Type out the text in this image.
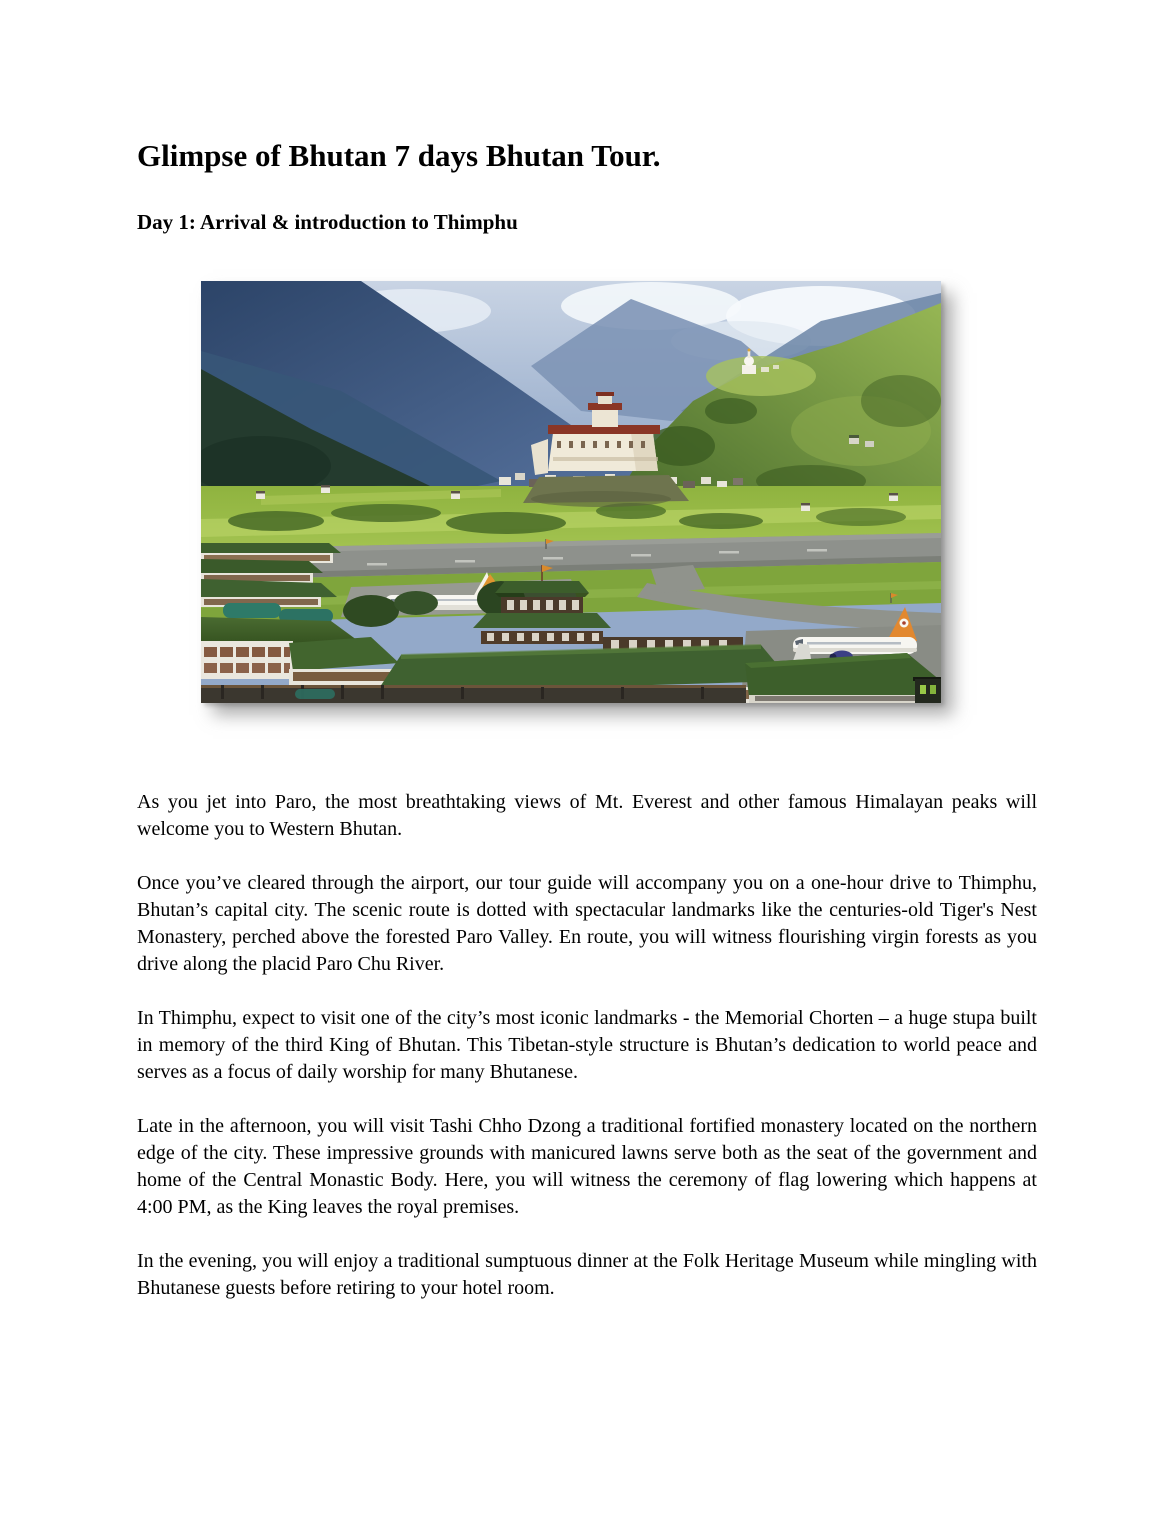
Glimpse of Bhutan 7 days Bhutan Tour.
Day 1: Arrival & introduction to Thimphu

As you jet into Paro, the most breathtaking views of Mt. Everest and other famous Himalayan peaks will welcome you to Western Bhutan.

Once you’ve cleared through the airport, our tour guide will accompany you on a one-hour drive to Thimphu, Bhutan’s capital city. The scenic route is dotted with spectacular landmarks like the centuries-old Tiger's Nest Monastery, perched above the forested Paro Valley. En route, you will witness flourishing virgin forests as you drive along the placid Paro Chu River.

In Thimphu, expect to visit one of the city’s most iconic landmarks - the Memorial Chorten – a huge stupa built in memory of the third King of Bhutan. This Tibetan-style structure is Bhutan’s dedication to world peace and serves as a focus of daily worship for many Bhutanese.

Late in the afternoon, you will visit Tashi Chho Dzong a traditional fortified monastery located on the northern edge of the city. These impressive grounds with manicured lawns serve both as the seat of the government and home of the Central Monastic Body. Here, you will witness the ceremony of flag lowering which happens at 4:00 PM, as the King leaves the royal premises.

In the evening, you will enjoy a traditional sumptuous dinner at the Folk Heritage Museum while mingling with Bhutanese guests before retiring to your hotel room.
